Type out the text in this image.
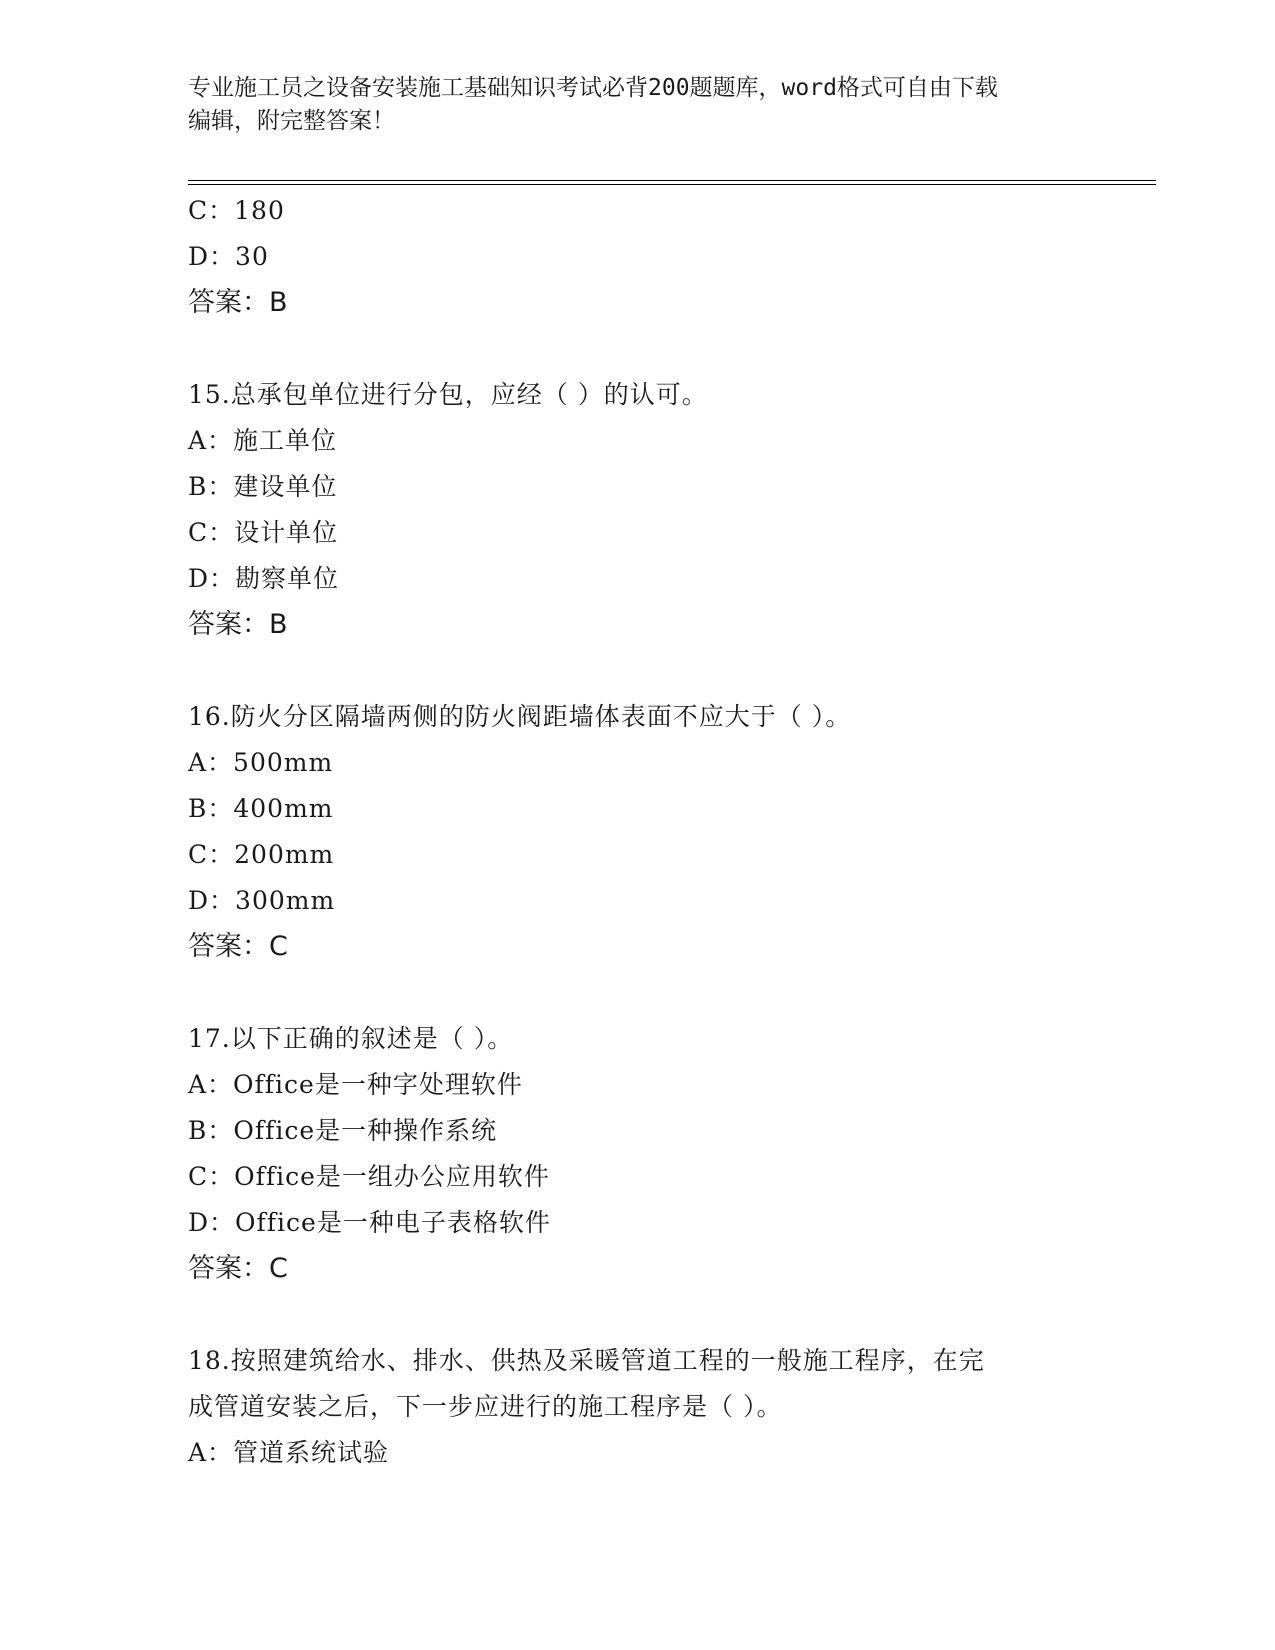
专业施工员之设备安装施工基础知识考试必背200题题库，word格式可自由下载
编辑，附完整答案！
C：180
D：30
答案：B
15.总承包单位进行分包，应经（ ）的认可。
A：施工单位
B：建设单位
C：设计单位
D：勘察单位
答案：B
16.防火分区隔墙两侧的防火阀距墙体表面不应大于（ ）。
A：500mm
B：400mm
C：200mm
D：300mm
答案：C
17.以下正确的叙述是（ ）。
A：Office是一种字处理软件
B：Office是一种操作系统
C：Office是一组办公应用软件
D：Office是一种电子表格软件
答案：C
18.按照建筑给水、排水、供热及采暖管道工程的一般施工程序，在完
成管道安装之后，下一步应进行的施工程序是（ ）。
A：管道系统试验
